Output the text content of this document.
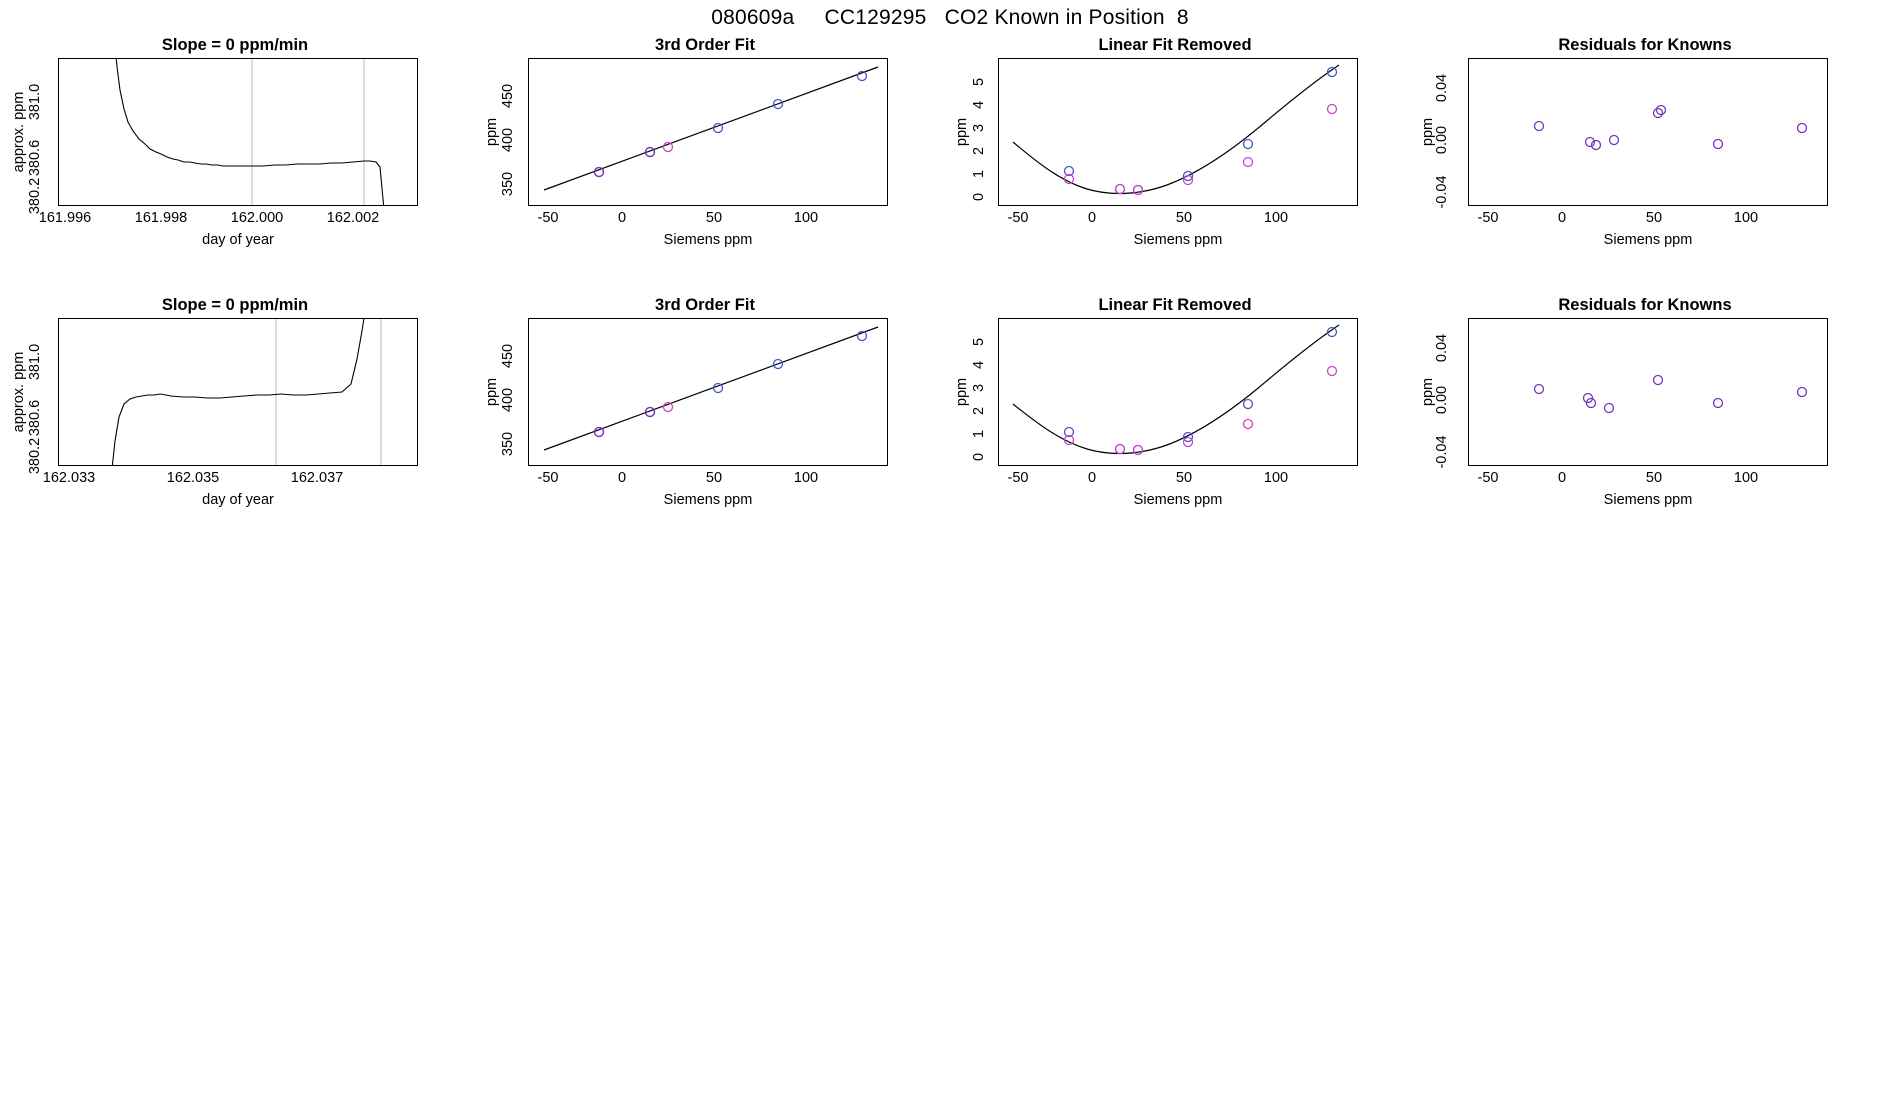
080609a     CC129295   CO2 Known in Position  8
Slope = 0 ppm/min
approx. ppm
380.2
380.6
381.0
161.996	161.998	162.000	162.002
day of year
3rd Order Fit
ppm
350
400
450
-50	0	50	100
Siemens ppm
Linear Fit Removed
ppm
0
1
2
3
4
5
-50	0	50	100
Siemens ppm
Residuals for Knowns
ppm
-0.04
0.00
0.04
-50	0	50	100
Siemens ppm
Slope = 0 ppm/min
approx. ppm
380.2
380.6
381.0
162.033	162.035	162.037
day of year
3rd Order Fit
ppm
350
400
450
-50	0	50	100
Siemens ppm
Linear Fit Removed
ppm
0
1
2
3
4
5
-50	0	50	100
Siemens ppm
Residuals for Knowns
ppm
-0.04
0.00
0.04
-50	0	50	100
Siemens ppm
